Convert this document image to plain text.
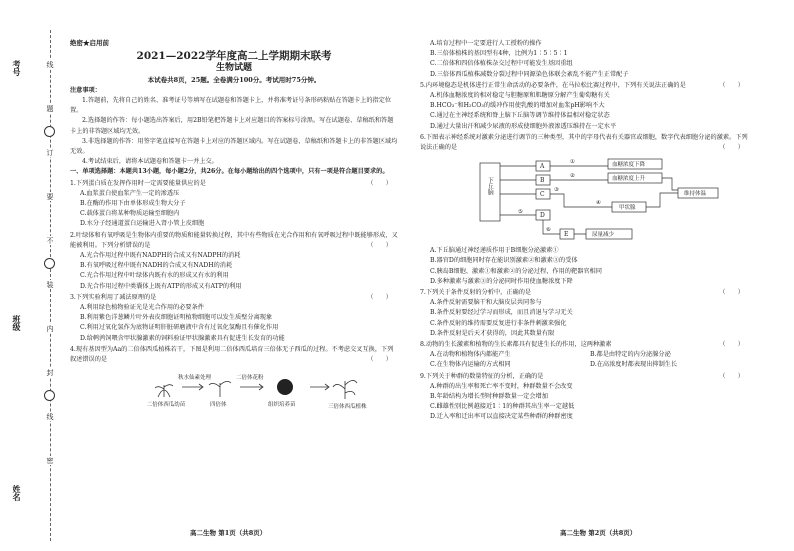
姓名
班级
考号	线
题
订
要
不
装
内
封
线
密
绝密★启用前
2021—2022学年度高二上学期期末联考
生物试题
本试卷共8页，25题。全卷满分100分。考试用时75分钟。
注意事项：
1.答题前，先将自己的姓名、准考证号等填写在试题卷和答题卡上，并将准考证号条形码粘贴在答题卡上的指定位置。
2.选择题的作答：每小题选出答案后，用2B铅笔把答题卡上对应题目的答案标号涂黑。写在试题卷、草稿纸和答题卡上的非答题区域均无效。
3.非选择题的作答：用签字笔直接写在答题卡上对应的答题区域内。写在试题卷、草稿纸和答题卡上的非答题区域均无效。
4.考试结束后，请将本试题卷和答题卡一并上交。
一、单项选择题：本题共13小题，每小题2分，共26分。在每小题给出的四个选项中，只有一项是符合题目要求的。
1.下列蛋白质在发挥作用时一定需要能量供应的是	（　　）
A.血浆蛋白使血浆产生一定的渗透压
B.在酶的作用下由单体形成生物大分子
C.载体蛋白将某种物质运输至细胞内
D.水分子经通道蛋白运输进入肾小管上皮细胞
2.叶绿体和有氧呼吸是生物体内重要的物质和能量转换过程，其中有些物质在光合作用和有氧呼吸过程中既能够形成，又能被利用。下列分析错误的是	（　　）
A.光合作用过程中既有NADPH的合成又有NADPH的消耗
B.有氧呼吸过程中既有NADH的合成又有NADH的消耗
C.光合作用过程中叶绿体内既有水的形成又有水的利用
D.光合作用过程中类囊体上既有ATP的形成又有ATP的利用
3.下列实验利用了减法原理的是	（　　）
A.利用绿色植物验证光是光合作用的必要条件
B.利用紫色洋葱鳞片叶外表皮细胞证明植物细胞可以发生质壁分离现象
C.利用过氧化氢作为底物证明肝脏研磨液中含有过氧化氢酶且有催化作用
D.给鹌鹑饲喂含甲状腺激素的饲料验证甲状腺激素具有促进生长发育的功能
4.现有基因型为Aa的二倍体西瓜植株若干，下图是利用二倍体西瓜培育三倍体无子西瓜的过程。不考虑交叉互换，下列叙述错误的是	（　　）
二倍体西瓜幼苗
秋水仙素处理
四倍体
二倍体花粉
组织培养苗	三倍体西瓜植株
A.培育过程中一定要进行人工授粉的操作
B.三倍体植株的基因型有4种，比例为1∶5∶5∶1
C.二倍体和四倍体植株杂交过程中可能发生基因重组
D.三倍体西瓜植株减数分裂过程中同源染色体联会紊乱不能产生正常配子
5.内环境稳态是机体进行正常生命活动的必要条件，在马拉松比赛过程中，下列有关说法正确的是	（　　）
A.机体血糖浓度的相对稳定与胆糖原和肌糖原分解产生葡萄糖有关
B.HCO₃⁻和H₂CO₃的缓冲作用使乳酸的增加对血浆pH影响不大
C.通过在主神经系统和脊上脑下丘脑等调节维持体温相对稳定状态
D.通过大量出汗和减少尿液的形成使细胞外液渗透压维持在一定水平
6.下图表示神经系统对激素分泌进行调节的三种类型，其中的字母代表有关器官或细胞，数字代表细胞分泌的激素。下列说法正确的是	（　　）
下丘脑
A
B
C
D
E
血糖浓度下降
血糖浓度上升
甲状腺
维持体温
尿量减少
①
②
③
④
⑤
⑥
A.下丘脑通过神经递质作用于B细胞分泌激素①
B.器官D的细胞同时存在能识别激素②和激素③的受体
C.胰岛B细胞、激素①和激素②的分泌过程，作用的靶器官相同
D.多种激素与激素③的分泌同时作用使血糖浓度下降
7.下列关于条件反射的分析中，正确的是	（　　）
A.条件反射需要脑干和大脑皮层共同参与
B.条件反射要经过学习而形成，而且消退与学习无关
C.条件反射的维持需要反复进行非条件刺激来强化
D.条件反射是后天才获得的，因此其数量有限
8.动物的生长激素和植物的生长素都具有促进生长的作用，这两种激素	（　　）
A.在动物和植物体内都能产生	B.都是由特定的内分泌腺分泌
C.在生物体内运输的方式相同	D.在高浓度时都表现出抑制生长
9.下列关于种群的数量特征的分析，正确的是	（　　）
A.种群的出生率和死亡率不变时，种群数量不会改变
B.年龄结构为增长型时种群数量一定会增加
C.雌雄性别比例越接近1∶1的种群其出生率一定越低
D.迁入率和迁出率可以直接决定某些种群的种群密度
高二生物 第1页（共8页）	高二生物 第2页（共8页）
